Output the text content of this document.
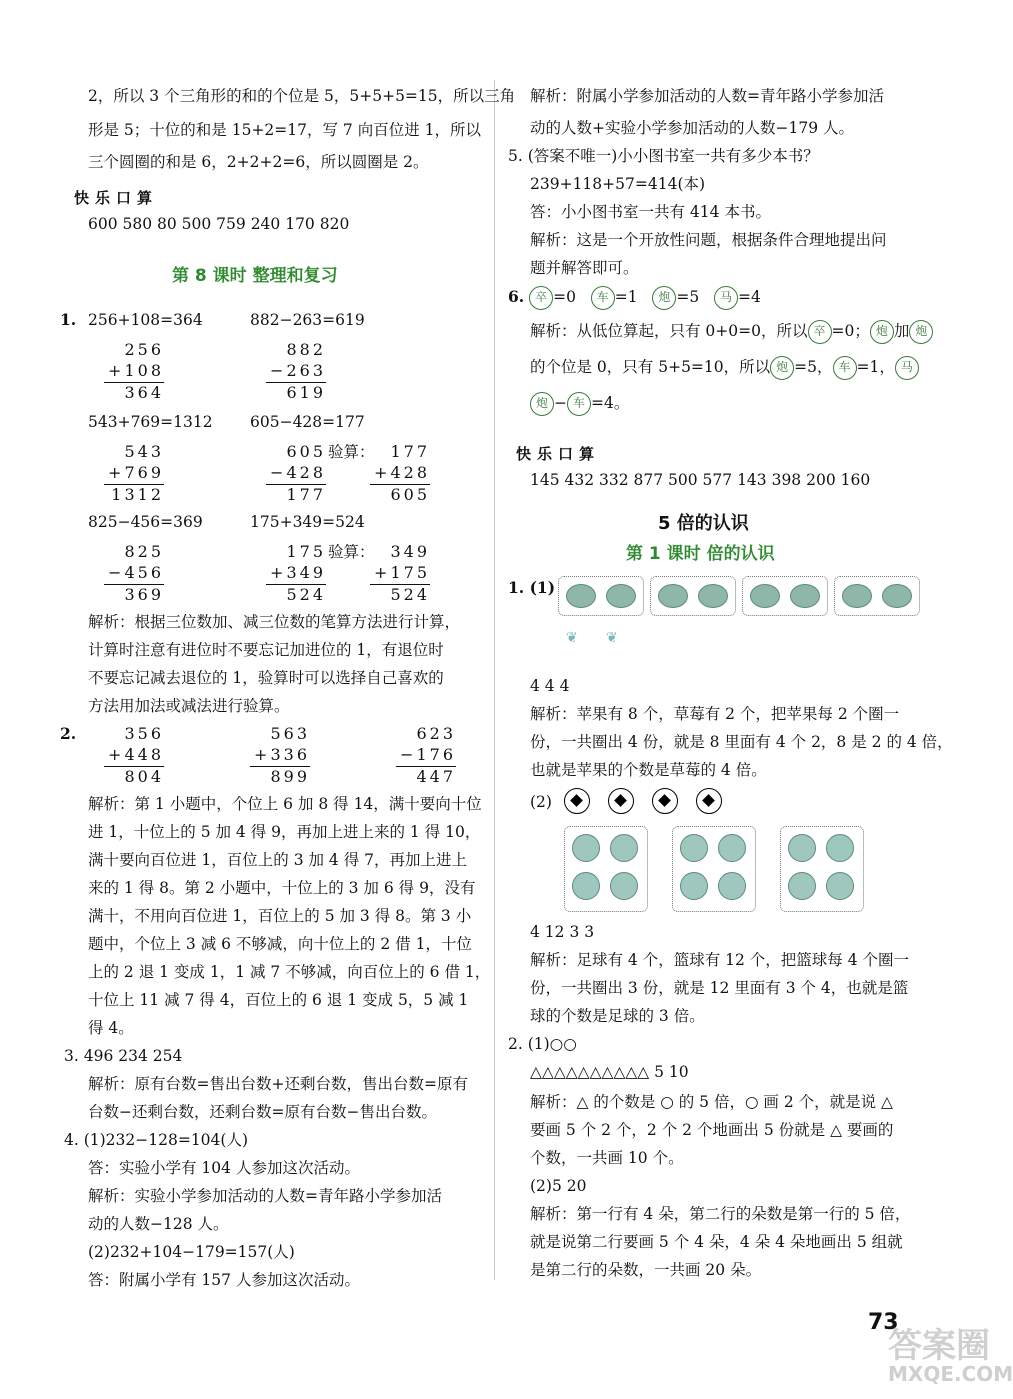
2，所以 3 个三角形的和的个位是 5，5+5+5=15，所以三角
形是 5；十位的和是 15+2=17，写 7 向百位进 1，所以
三个圆圈的和是 6，2+2+2=6，所以圆圈是 2。
快乐口算
600 580 80 500 759 240 170 820
第 8 课时 整理和复习
1. 256+108=364	882−263=619
256
+108
364
882
−263
619
543+769=1312 605−428=177
543
+769
1312
605
−428
177
验算： 177
+428
605
825−456=369	175+349=524
825
−456
369
175
+349
524
验算： 349
+175
524
解析：根据三位数加、减三位数的笔算方法进行计算，
计算时注意有进位时不要忘记加进位的 1，有退位时
不要忘记减去退位的 1，验算时可以选择自己喜欢的
方法用加法或减法进行验算。
2.	356
+448
804
563
+336
899
623
−176
447
解析：第 1 小题中，个位上 6 加 8 得 14，满十要向十位
进 1，十位上的 5 加 4 得 9，再加上进上来的 1 得 10，
满十要向百位进 1，百位上的 3 加 4 得 7，再加上进上
来的 1 得 8。第 2 小题中，十位上的 3 加 6 得 9，没有
满十，不用向百位进 1，百位上的 5 加 3 得 8。第 3 小
题中，个位上 3 减 6 不够减，向十位上的 2 借 1，十位
上的 2 退 1 变成 1，1 减 7 不够减，向百位上的 6 借 1，
十位上 11 减 7 得 4，百位上的 6 退 1 变成 5，5 减 1
得 4。
3. 496 234 254
解析：原有台数=售出台数+还剩台数，售出台数=原有
台数−还剩台数，还剩台数=原有台数−售出台数。
4. (1)232−128=104(人)
答：实验小学有 104 人参加这次活动。
解析：实验小学参加活动的人数=青年路小学参加活
动的人数−128 人。
(2)232+104−179=157(人)
答：附属小学有 157 人参加这次活动。
解析：附属小学参加活动的人数=青年路小学参加活
动的人数+实验小学参加活动的人数−179 人。
5. (答案不唯一)小小图书室一共有多少本书？
239+118+57=414(本)
答：小小图书室一共有 414 本书。
解析：这是一个开放性问题，根据条件合理地提出问
题并解答即可。
6. 卒 =0 车 =1 炮 =5 马 =4
解析：从低位算起，只有 0+0=0，所以 卒 =0； 炮 加 炮
的个位是 0，只有 5+5=10，所以 炮 =5， 车 =1， 马
炮 − 车 =4。
快乐口算
145 432 332 877 500 577 143 398 200 160
5 倍的认识
第 1 课时 倍的认识
1. (1)
❦ ❦
4 4 4
解析：苹果有 8 个，草莓有 2 个，把苹果每 2 个圈一
份，一共圈出 4 份，就是 8 里面有 4 个 2，8 是 2 的 4 倍，
也就是苹果的个数是草莓的 4 倍。
(2)
4 12 3 3
解析：足球有 4 个，篮球有 12 个，把篮球每 4 个圈一
份，一共圈出 3 份，就是 12 里面有 3 个 4，也就是篮
球的个数是足球的 3 倍。
2. (1)○○
△△△△△△△△△△ 5 10
解析：△ 的个数是 ○ 的 5 倍，○ 画 2 个，就是说 △
要画 5 个 2 个，2 个 2 个地画出 5 份就是 △ 要画的
个数，一共画 10 个。
(2)5 20
解析：第一行有 4 朵，第二行的朵数是第一行的 5 倍，
就是说第二行要画 5 个 4 朵，4 朵 4 朵地画出 5 组就
是第二行的朵数，一共画 20 朵。
73
答案圈
MXQE.COM
